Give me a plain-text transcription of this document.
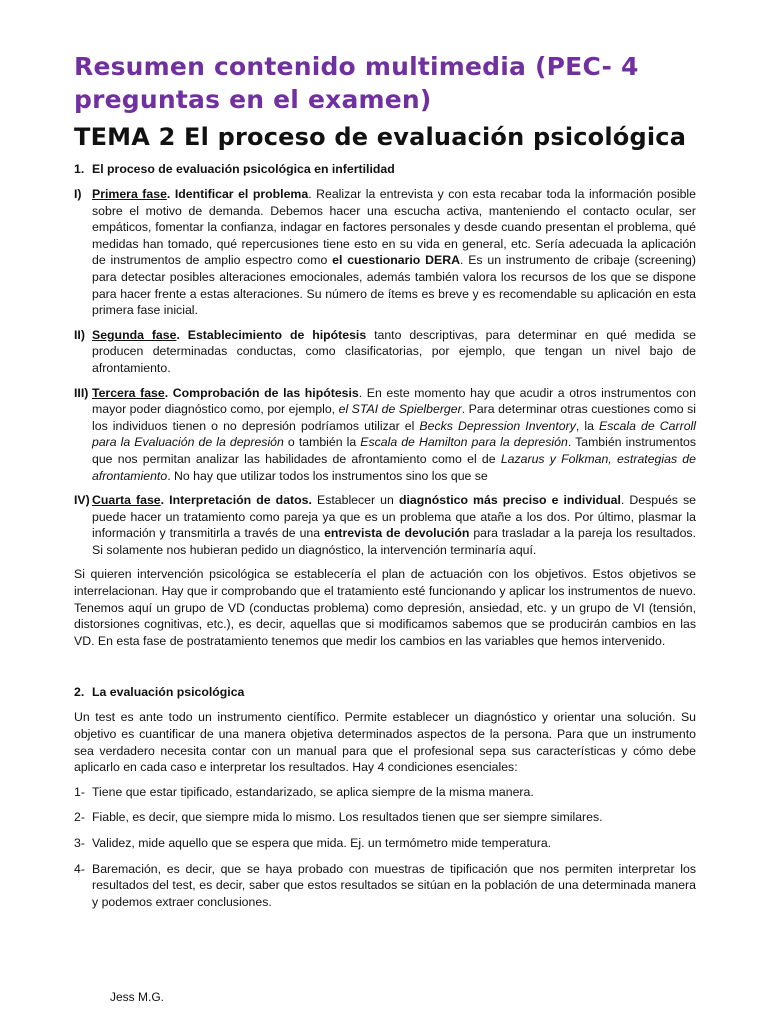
Resumen contenido multimedia (PEC- 4 preguntas en el examen)
TEMA 2 El proceso de evaluación psicológica
1. El proceso de evaluación psicológica en infertilidad
I) Primera fase. Identificar el problema. Realizar la entrevista y con esta recabar toda la información posible sobre el motivo de demanda. Debemos hacer una escucha activa, manteniendo el contacto ocular, ser empáticos, fomentar la confianza, indagar en factores personales y desde cuando presentan el problema, qué medidas han tomado, qué repercusiones tiene esto en su vida en general, etc. Sería adecuada la aplicación de instrumentos de amplio espectro como el cuestionario DERA. Es un instrumento de cribaje (screening) para detectar posibles alteraciones emocionales, además también valora los recursos de los que se dispone para hacer frente a estas alteraciones. Su número de ítems es breve y es recomendable su aplicación en esta primera fase inicial.
II) Segunda fase. Establecimiento de hipótesis tanto descriptivas, para determinar en qué medida se producen determinadas conductas, como clasificatorias, por ejemplo, que tengan un nivel bajo de afrontamiento.
III) Tercera fase. Comprobación de las hipótesis. En este momento hay que acudir a otros instrumentos con mayor poder diagnóstico como, por ejemplo, el STAI de Spielberger. Para determinar otras cuestiones como si los individuos tienen o no depresión podríamos utilizar el Becks Depression Inventory, la Escala de Carroll para la Evaluación de la depresión o también la Escala de Hamilton para la depresión. También instrumentos que nos permitan analizar las habilidades de afrontamiento como el de Lazarus y Folkman, estrategias de afrontamiento. No hay que utilizar todos los instrumentos sino los que se
IV) Cuarta fase. Interpretación de datos. Establecer un diagnóstico más preciso e individual. Después se puede hacer un tratamiento como pareja ya que es un problema que atañe a los dos. Por último, plasmar la información y transmitirla a través de una entrevista de devolución para trasladar a la pareja los resultados. Si solamente nos hubieran pedido un diagnóstico, la intervención terminaría aquí.

Si quieren intervención psicológica se establecería el plan de actuación con los objetivos. Estos objetivos se interrelacionan. Hay que ir comprobando que el tratamiento esté funcionando y aplicar los instrumentos de nuevo. Tenemos aquí un grupo de VD (conductas problema) como depresión, ansiedad, etc. y un grupo de VI (tensión, distorsiones cognitivas, etc.), es decir, aquellas que si modificamos sabemos que se producirán cambios en las VD. En esta fase de postratamiento tenemos que medir los cambios en las variables que hemos intervenido.

2. La evaluación psicológica

Un test es ante todo un instrumento científico. Permite establecer un diagnóstico y orientar una solución. Su objetivo es cuantificar de una manera objetiva determinados aspectos de la persona. Para que un instrumento sea verdadero necesita contar con un manual para que el profesional sepa sus características y cómo debe aplicarlo en cada caso e interpretar los resultados. Hay 4 condiciones esenciales:

1- Tiene que estar tipificado, estandarizado, se aplica siempre de la misma manera.
2- Fiable, es decir, que siempre mida lo mismo. Los resultados tienen que ser siempre similares.
3- Validez, mide aquello que se espera que mida. Ej. un termómetro mide temperatura.
4- Baremación, es decir, que se haya probado con muestras de tipificación que nos permiten interpretar los resultados del test, es decir, saber que estos resultados se sitúan en la población de una determinada manera y podemos extraer conclusiones.
Jess M.G.
